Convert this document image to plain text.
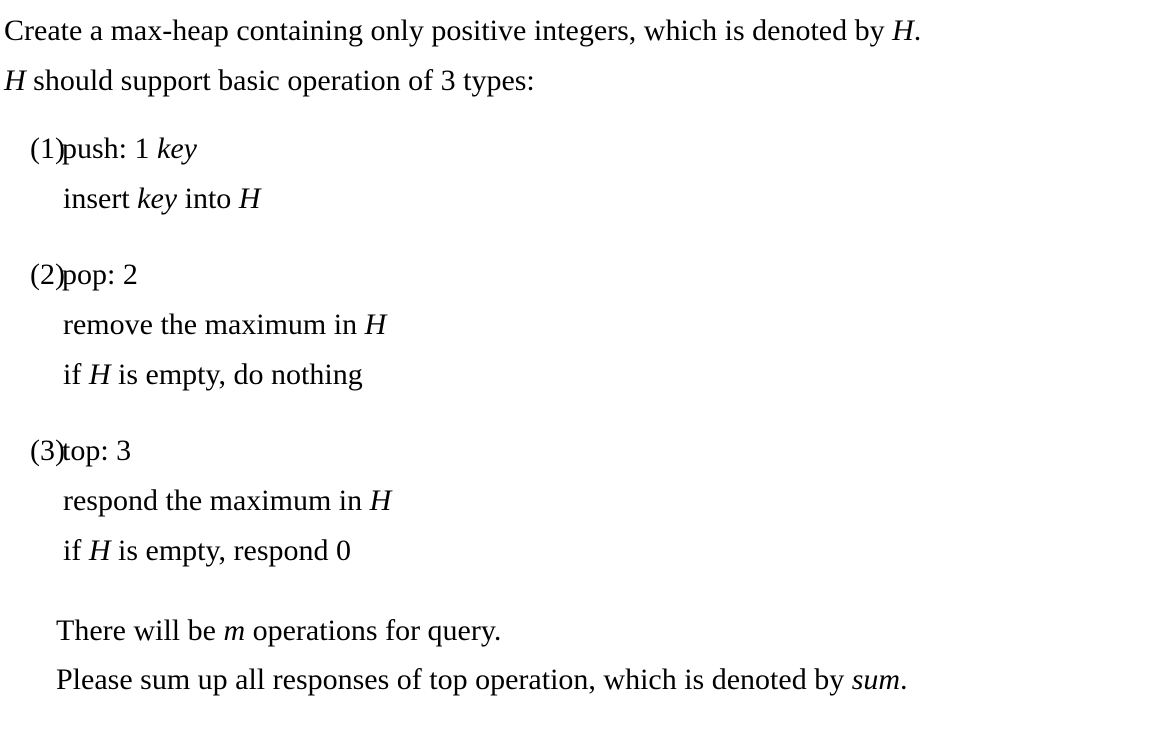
Create a max-heap containing only positive integers, which is denoted by H.
H should support basic operation of 3 types:
(1)
push: 1 key
insert key into H
(2)
pop: 2
remove the maximum in H
if H is empty, do nothing
(3)
top: 3
respond the maximum in H
if H is empty, respond 0
There will be m operations for query.
Please sum up all responses of top operation, which is denoted by sum.
